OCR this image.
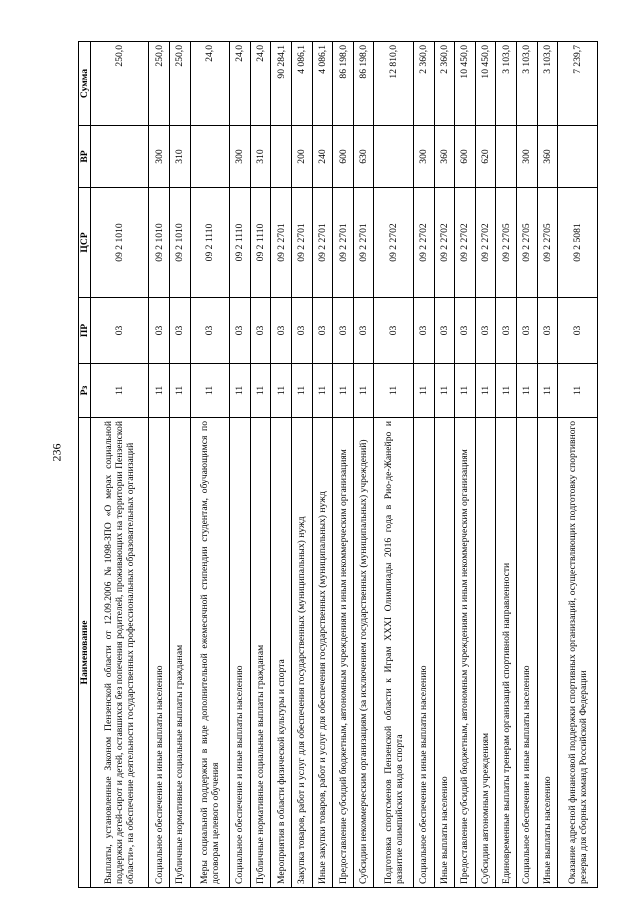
236
Наименование	Рз	ПР	ЦСР	ВР	Сумма
Выплаты, установленные Законом Пензенской области от 12.09.2006 №1098-ЗПО «О мерах социальной поддержки детей-сирот и детей, оставшихся без попечения родителей, проживающих на территории Пензенской области», на обеспечение деятельности государственных профессиональных образовательных организаций	11	03	09 2 1010		250,0
Социальное обеспечение и иные выплаты населению	11	03	09 2 1010	300	250,0
Публичные нормативные социальные выплаты гражданам	11	03	09 2 1010	310	250,0
Меры социальной поддержки в виде дополнительной ежемесячной стипендии студентам, обучающимся по договорам целевого обучения	11	03	09 2 1110		24,0
Социальное обеспечение и иные выплаты населению	11	03	09 2 1110	300	24,0
Публичные нормативные социальные выплаты гражданам	11	03	09 2 1110	310	24,0
Мероприятия в области физической культуры и спорта	11	03	09 2 2701		90 284,1
Закупка товаров, работ и услуг для обеспечения государственных (муниципальных) нужд	11	03	09 2 2701	200	4 086,1
Иные закупки товаров, работ и услуг для обеспечения государственных (муниципальных) нужд	11	03	09 2 2701	240	4 086,1
Предоставление субсидий бюджетным, автономным учреждениям и иным некоммерческим организациям	11	03	09 2 2701	600	86 198,0
Субсидии некоммерческим организациям (за исключением государственных (муниципальных) учреждений)	11	03	09 2 2701	630	86 198,0
Подготовка спортсменов Пензенской области к Играм XXXI Олимпиады 2016 года в Рио-де-Жанейро и развитие олимпийских видов спорта	11	03	09 2 2702		12 810,0
Социальное обеспечение и иные выплаты населению	11	03	09 2 2702	300	2 360,0
Иные выплаты населению	11	03	09 2 2702	360	2 360,0
Предоставление субсидий бюджетным, автономным учреждениям и иным некоммерческим организациям	11	03	09 2 2702	600	10 450,0
Субсидии автономным учреждениям	11	03	09 2 2702	620	10 450,0
Единовременные выплаты тренерам организаций спортивной направленности	11	03	09 2 2705		3 103,0
Социальное обеспечение и иные выплаты населению	11	03	09 2 2705	300	3 103,0
Иные выплаты населению	11	03	09 2 2705	360	3 103,0
Оказание адресной финансовой поддержки спортивных организаций, осуществляющих подготовку спортивного резерва для сборных команд Российской Федерации	11	03	09 2 5081		7 239,7
